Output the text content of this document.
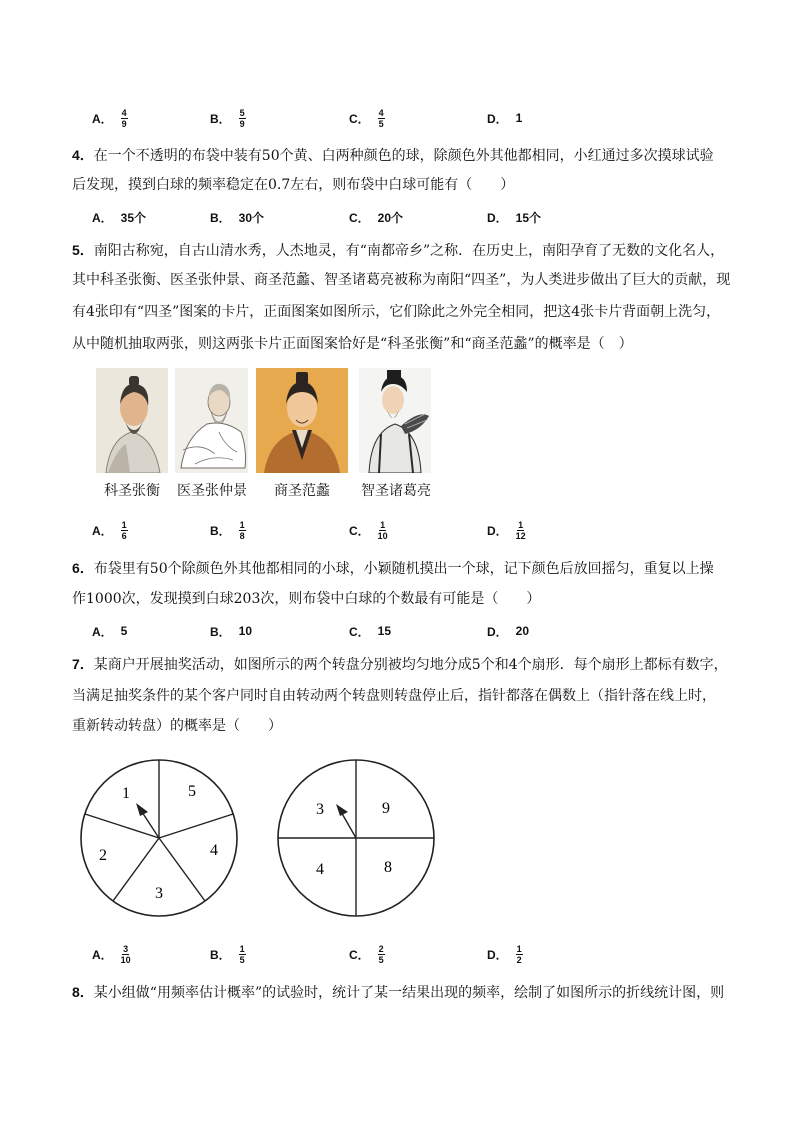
A． $\frac{4}{9}$	B． $\frac{5}{9}$	C． $\frac{4}{5}$	D． 1
4．在一个不透明的布袋中装有50个黄、白两种颜色的球，除颜色外其他都相同，小红通过多次摸球试验
后发现，摸到白球的频率稳定在0.7左右，则布袋中白球可能有（　　）
A． 35个	B． 30个	C． 20个	D． 15个
5．南阳古称宛，自古山清水秀，人杰地灵，有“南都帝乡”之称．在历史上，南阳孕育了无数的文化名人，
其中科圣张衡、医圣张仲景、商圣范蠡、智圣诸葛亮被称为南阳“四圣”，为人类进步做出了巨大的贡献，现
有4张印有“四圣”图案的卡片，正面图案如图所示，它们除此之外完全相同，把这4张卡片背面朝上洗匀，
从中随机抽取两张，则这两张卡片正面图案恰好是“科圣张衡”和“商圣范蠡”的概率是（　）
科圣张衡	医圣张仲景	商圣范蠡	智圣诸葛亮
A． $\frac{1}{6}$	B． $\frac{1}{8}$	C． $\frac{1}{10}$	D． $\frac{1}{12}$
6．布袋里有50个除颜色外其他都相同的小球，小颖随机摸出一个球，记下颜色后放回摇匀，重复以上操
作1000次，发现摸到白球203次，则布袋中白球的个数最有可能是（　　）
A． 5	B． 10	C． 15	D． 20
7．某商户开展抽奖活动，如图所示的两个转盘分别被均匀地分成5个和4个扇形．每个扇形上都标有数字，
当满足抽奖条件的某个客户同时自由转动两个转盘则转盘停止后，指针都落在偶数上（指针落在线上时，
重新转动转盘）的概率是（　　）
1	5
4
3
2
9
8
4
3
A． $\frac{3}{10}$	B． $\frac{1}{5}$	C． $\frac{2}{5}$	D． $\frac{1}{2}$
8．某小组做“用频率估计概率”的试验时，统计了某一结果出现的频率，绘制了如图所示的折线统计图，则
